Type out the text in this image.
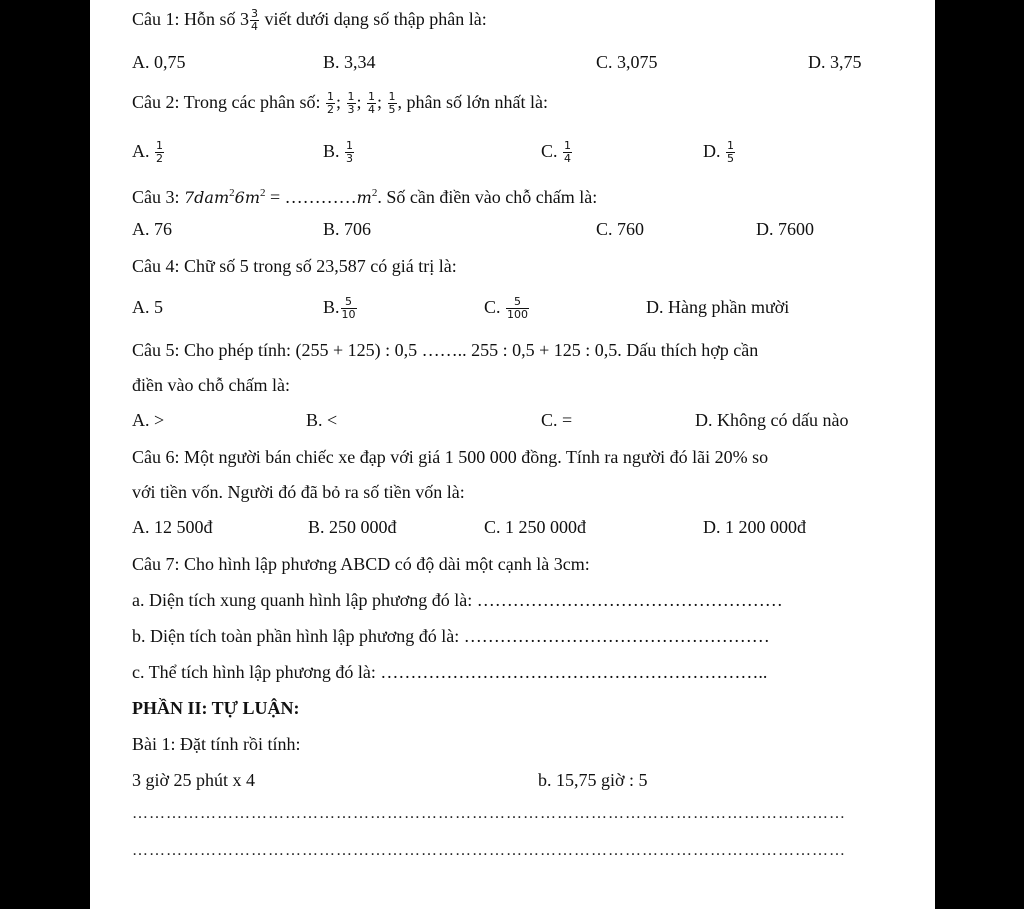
Câu 1: Hỗn số $3 \frac{3}{4}$ viết dưới dạng số thập phân là:
A. 0,75	B. 3,34	C. 3,075	D. 3,75
Câu 2: Trong các phân số: $\frac{1}{2}$ ; $\frac{1}{3}$ ; $\frac{1}{4}$ ; $\frac{1}{5}$ , phân số lớn nhất là:
A. $\frac{1}{2}$	B. $\frac{1}{3}$	C. $\frac{1}{4}$	D. $\frac{1}{5}$
Câu 3: $7dam^26m^2$ = $\dots\dots\dots\dots m^2$. Số cần điền vào chỗ chấm là:
A. 76	B. 706	C. 760	D. 7600
Câu 4: Chữ số 5 trong số 23,587 có giá trị là:
A. 5	B. $\frac{5}{10}$	C. $\frac{5}{100}$	D. Hàng phần mười
Câu 5: Cho phép tính: (255 + 125) : 0,5 …….. 255 : 0,5 + 125 : 0,5. Dấu thích hợp cần
điền vào chỗ chấm là:
A. >	B. <	C. =	D. Không có dấu nào
Câu 6: Một người bán chiếc xe đạp với giá 1 500 000 đồng. Tính ra người đó lãi 20% so
với tiền vốn. Người đó đã bỏ ra số tiền vốn là:
A. 12 500đ	B. 250 000đ	C. 1 250 000đ	D. 1 200 000đ
Câu 7: Cho hình lập phương ABCD có độ dài một cạnh là 3cm:
a. Diện tích xung quanh hình lập phương đó là: ……………………………………………
b. Diện tích toàn phần hình lập phương đó là: ……………………………………………
c. Thể tích hình lập phương đó là: ………………………………………………………..
PHẦN II: TỰ LUẬN:
Bài 1: Đặt tính rồi tính:
3 giờ 25 phút x 4	b. 15,75 giờ : 5
………………………………………………………………………………………………………………
………………………………………………………………………………………………………………
